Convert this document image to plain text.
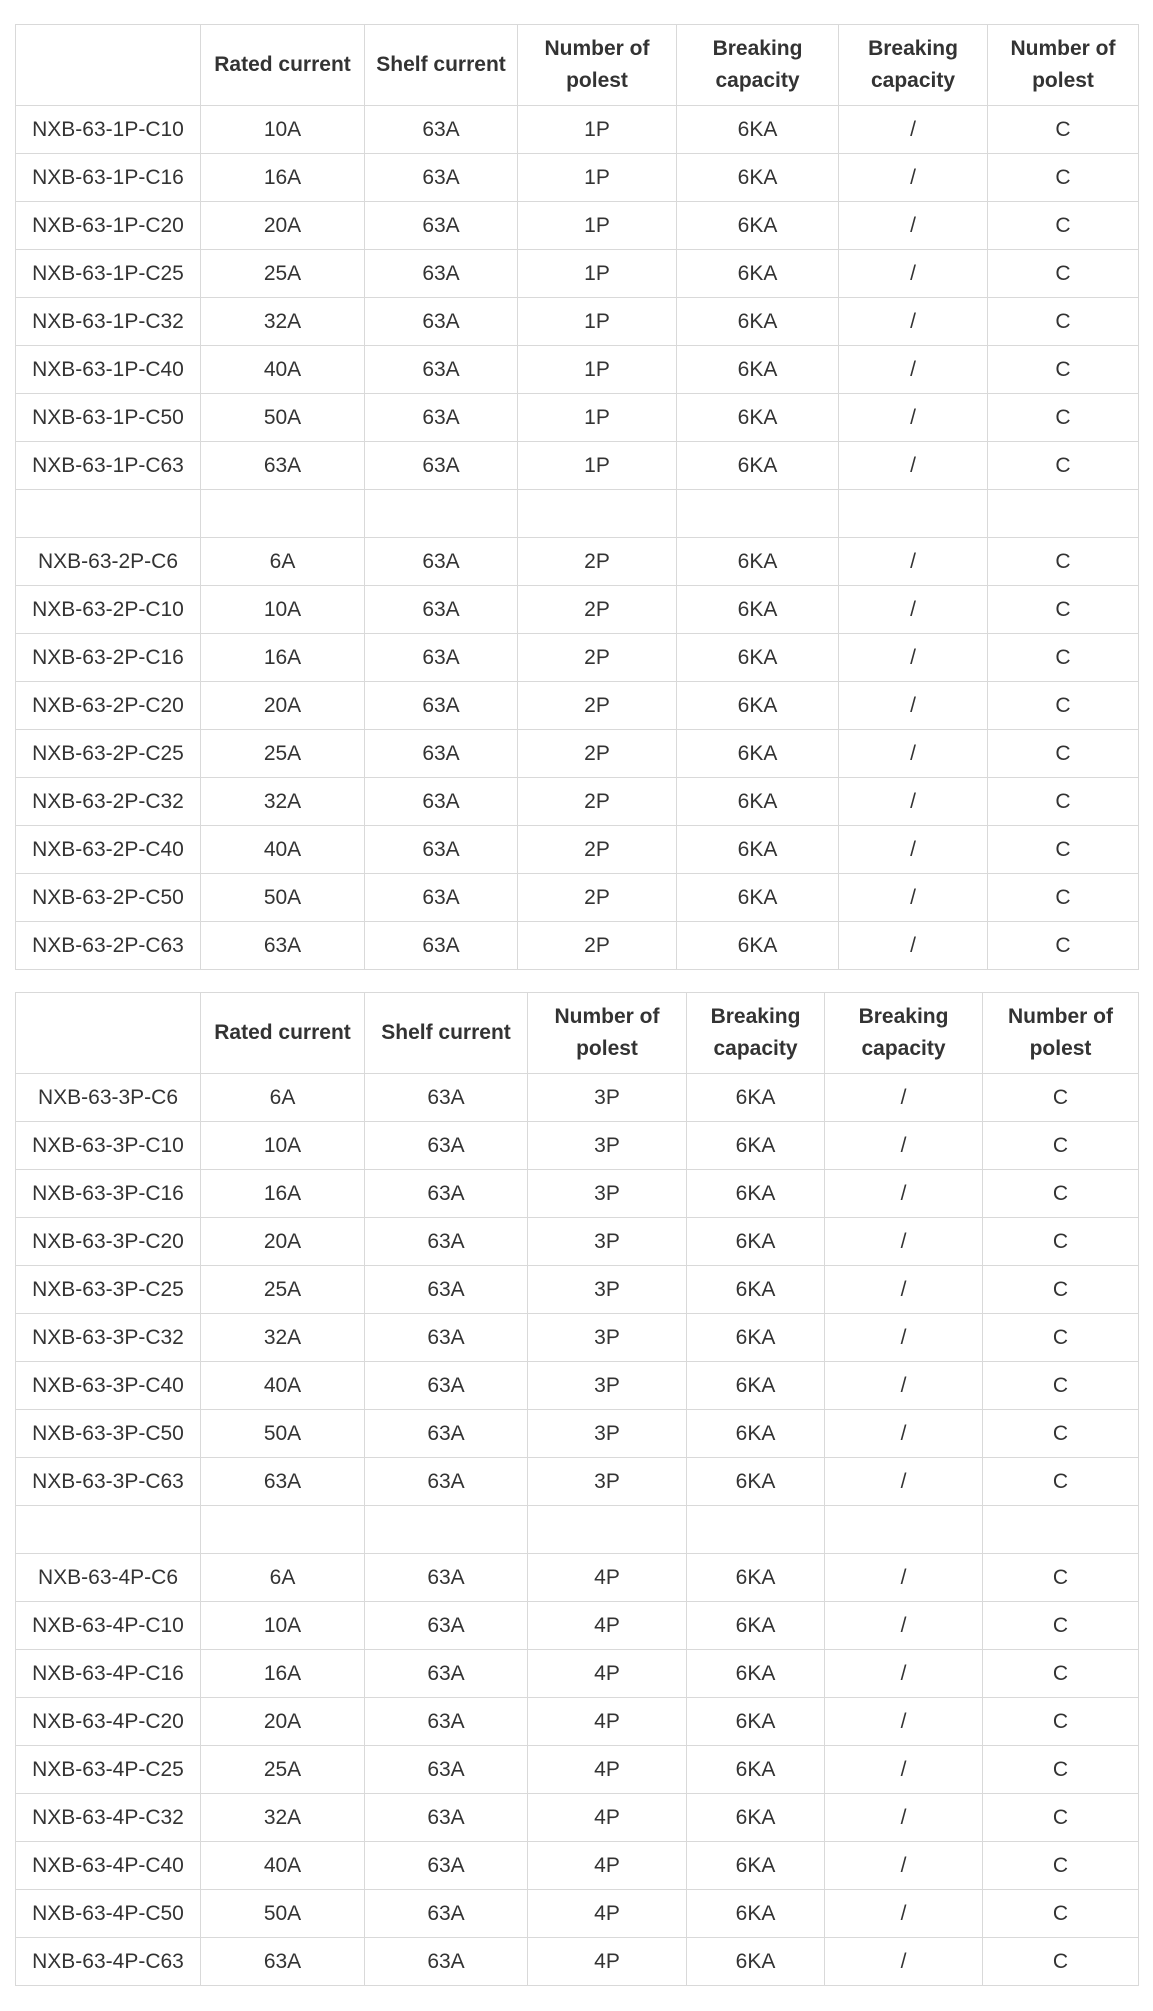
	Rated current	Shelf current	Number of polest	Breaking capacity	Breaking capacity	Number of polest
NXB-63-1P-C10	10A	63A	1P	6KA	/	C
NXB-63-1P-C16	16A	63A	1P	6KA	/	C
NXB-63-1P-C20	20A	63A	1P	6KA	/	C
NXB-63-1P-C25	25A	63A	1P	6KA	/	C
NXB-63-1P-C32	32A	63A	1P	6KA	/	C
NXB-63-1P-C40	40A	63A	1P	6KA	/	C
NXB-63-1P-C50	50A	63A	1P	6KA	/	C
NXB-63-1P-C63	63A	63A	1P	6KA	/	C

NXB-63-2P-C6	6A	63A	2P	6KA	/	C
NXB-63-2P-C10	10A	63A	2P	6KA	/	C
NXB-63-2P-C16	16A	63A	2P	6KA	/	C
NXB-63-2P-C20	20A	63A	2P	6KA	/	C
NXB-63-2P-C25	25A	63A	2P	6KA	/	C
NXB-63-2P-C32	32A	63A	2P	6KA	/	C
NXB-63-2P-C40	40A	63A	2P	6KA	/	C
NXB-63-2P-C50	50A	63A	2P	6KA	/	C
NXB-63-2P-C63	63A	63A	2P	6KA	/	C
	Rated current	Shelf current	Number of polest	Breaking capacity	Breaking capacity	Number of polest
NXB-63-3P-C6	6A	63A	3P	6KA	/	C
NXB-63-3P-C10	10A	63A	3P	6KA	/	C
NXB-63-3P-C16	16A	63A	3P	6KA	/	C
NXB-63-3P-C20	20A	63A	3P	6KA	/	C
NXB-63-3P-C25	25A	63A	3P	6KA	/	C
NXB-63-3P-C32	32A	63A	3P	6KA	/	C
NXB-63-3P-C40	40A	63A	3P	6KA	/	C
NXB-63-3P-C50	50A	63A	3P	6KA	/	C
NXB-63-3P-C63	63A	63A	3P	6KA	/	C

NXB-63-4P-C6	6A	63A	4P	6KA	/	C
NXB-63-4P-C10	10A	63A	4P	6KA	/	C
NXB-63-4P-C16	16A	63A	4P	6KA	/	C
NXB-63-4P-C20	20A	63A	4P	6KA	/	C
NXB-63-4P-C25	25A	63A	4P	6KA	/	C
NXB-63-4P-C32	32A	63A	4P	6KA	/	C
NXB-63-4P-C40	40A	63A	4P	6KA	/	C
NXB-63-4P-C50	50A	63A	4P	6KA	/	C
NXB-63-4P-C63	63A	63A	4P	6KA	/	C
